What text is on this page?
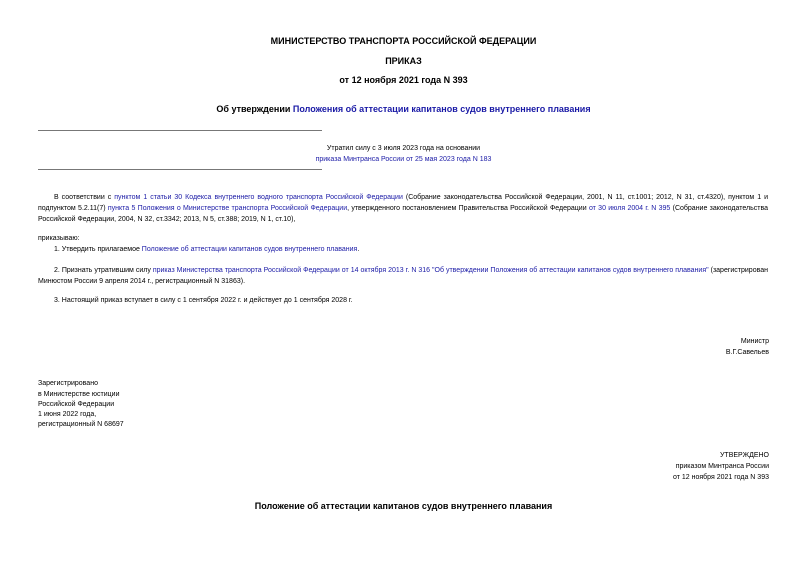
МИНИСТЕРСТВО ТРАНСПОРТА РОССИЙСКОЙ ФЕДЕРАЦИИ
ПРИКАЗ
от 12 ноября 2021 года N 393
Об утверждении Положения об аттестации капитанов судов внутреннего плавания
Утратил силу с 3 июля 2023 года на основании
приказа Минтранса России от 25 мая 2023 года N 183
В соответствии с пунктом 1 статьи 30 Кодекса внутреннего водного транспорта Российской Федерации (Собрание законодательства Российской Федерации, 2001, N 11, ст.1001; 2012, N 31, ст.4320), пунктом 1 и подпунктом 5.2.11(7) пункта 5 Положения о Министерстве транспорта Российской Федерации, утвержденного постановлением Правительства Российской Федерации от 30 июля 2004 г. N 395 (Собрание законодательства Российской Федерации, 2004, N 32, ст.3342; 2013, N 5, ст.388; 2019, N 1, ст.10),
приказываю:
1. Утвердить прилагаемое Положение об аттестации капитанов судов внутреннего плавания.
2. Признать утратившим силу приказ Министерства транспорта Российской Федерации от 14 октября 2013 г. N 316 "Об утверждении Положения об аттестации капитанов судов внутреннего плавания" (зарегистрирован Минюстом России 9 апреля 2014 г., регистрационный N 31863).
3. Настоящий приказ вступает в силу с 1 сентября 2022 г. и действует до 1 сентября 2028 г.
Министр
В.Г.Савельев
Зарегистрировано
в Министерстве юстиции
Российской Федерации
1 июня 2022 года,
регистрационный N 68697
УТВЕРЖДЕНО
приказом Минтранса России
от 12 ноября 2021 года N 393
Положение об аттестации капитанов судов внутреннего плавания
